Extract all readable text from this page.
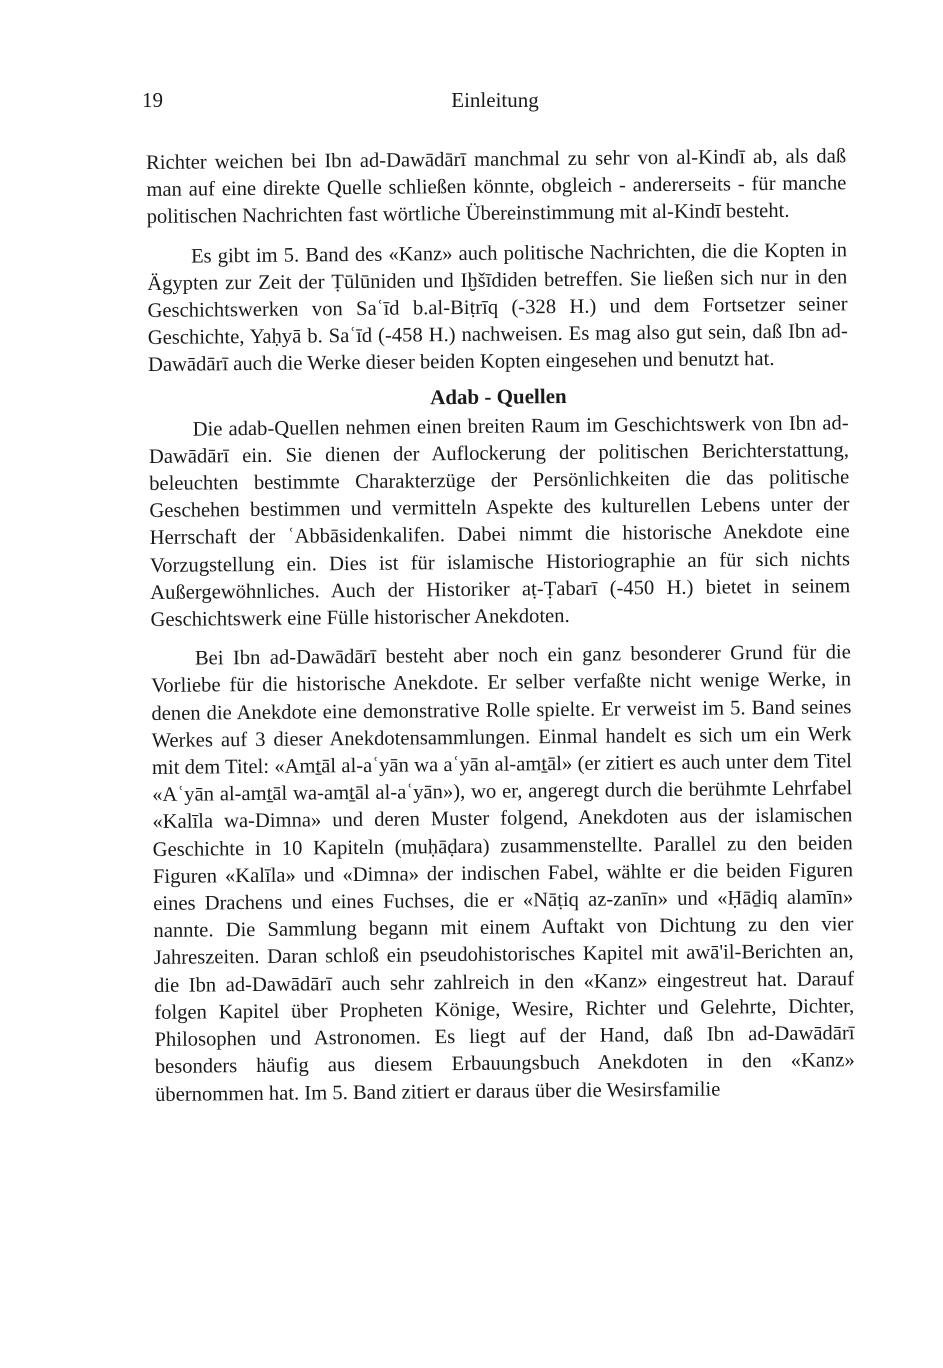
19	Einleitung

Richter weichen bei Ibn ad-Dawādārī manchmal zu sehr von al-Kindī ab, als daß man auf eine direkte Quelle schließen könnte, obgleich - andererseits - für manche politischen Nachrichten fast wörtliche Übereinstimmung mit al-Kindī besteht.

Es gibt im 5. Band des «Kanz» auch politische Nachrichten, die die Kopten in Ägypten zur Zeit der Ṭūlūniden und Iḫšīdiden betreffen. Sie ließen sich nur in den Geschichtswerken von Saʿīd b.al-Biṭrīq (-328 H.) und dem Fortsetzer seiner Geschichte, Yaḥyā b. Saʿīd (-458 H.) nachweisen. Es mag also gut sein, daß Ibn ad-Dawādārī auch die Werke dieser beiden Kopten eingesehen und benutzt hat.

Adab - Quellen

Die adab-Quellen nehmen einen breiten Raum im Geschichtswerk von Ibn ad-Dawādārī ein. Sie dienen der Auflockerung der politischen Berichterstattung, beleuchten bestimmte Charakterzüge der Persönlichkeiten die das politische Geschehen bestimmen und vermitteln Aspekte des kulturellen Lebens unter der Herrschaft der ʿAbbāsidenkalifen. Dabei nimmt die historische Anekdote eine Vorzugstellung ein. Dies ist für islamische Historiographie an für sich nichts Außergewöhnliches. Auch der Historiker aṭ-Ṭabarī (-450 H.) bietet in seinem Geschichtswerk eine Fülle historischer Anekdoten.

Bei Ibn ad-Dawādārī besteht aber noch ein ganz besonderer Grund für die Vorliebe für die historische Anekdote. Er selber verfaßte nicht wenige Werke, in denen die Anekdote eine demonstrative Rolle spielte. Er verweist im 5. Band seines Werkes auf 3 dieser Anekdotensammlungen. Einmal handelt es sich um ein Werk mit dem Titel: «Amṯāl al-aʿyān wa aʿyān al-amṯāl» (er zitiert es auch unter dem Titel «Aʿyān al-amṯāl wa-amṯāl al-aʿyān»), wo er, angeregt durch die berühmte Lehrfabel «Kalīla wa-Dimna» und deren Muster folgend, Anekdoten aus der islamischen Geschichte in 10 Kapiteln (muḥāḍara) zusammenstellte. Parallel zu den beiden Figuren «Kalīla» und «Dimna» der indischen Fabel, wählte er die beiden Figuren eines Drachens und eines Fuchses, die er «Nāṭiq az-zanīn» und «Ḥāḏiq alamīn» nannte. Die Sammlung begann mit einem Auftakt von Dichtung zu den vier Jahreszeiten. Daran schloß ein pseudohistorisches Kapitel mit awā'il-Berichten an, die Ibn ad-Dawādārī auch sehr zahlreich in den «Kanz» eingestreut hat. Darauf folgen Kapitel über Propheten Könige, Wesire, Richter und Gelehrte, Dichter, Philosophen und Astronomen. Es liegt auf der Hand, daß Ibn ad-Dawādārī besonders häufig aus diesem Erbauungsbuch Anekdoten in den «Kanz» übernommen hat. Im 5. Band zitiert er daraus über die Wesirsfamilie
